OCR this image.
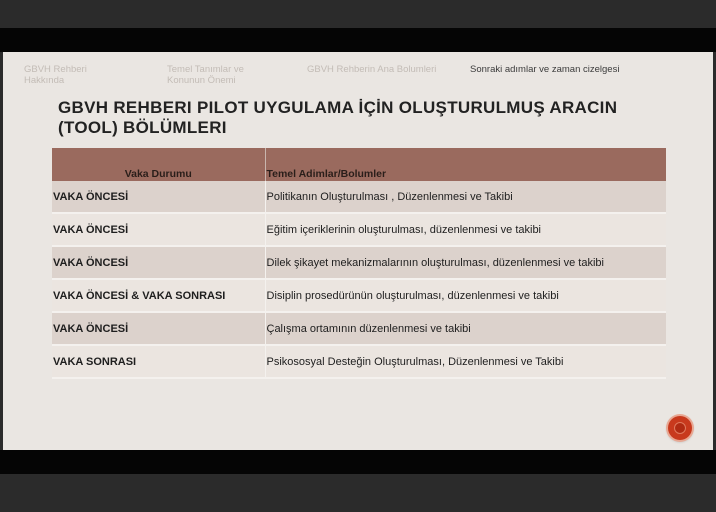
GBVH Rehberi
Hakkında
Temel Tanımlar ve
Konunun Önemi
GBVH Rehberin Ana Bolumleri	Sonraki adımlar ve zaman cizelgesi
GBVH REHBERI PILOT UYGULAMA İÇİN OLUŞTURULMUŞ ARACIN (TOOL) BÖLÜMLERI
Vaka Durumu	Temel Adimlar/Bolumler
VAKA ÖNCESİ	Politikanın Oluşturulması , Düzenlenmesi ve Takibi
VAKA ÖNCESİ	Eğitim içeriklerinin oluşturulması, düzenlenmesi ve takibi
VAKA ÖNCESİ	Dilek şikayet mekanizmalarının oluşturulması, düzenlenmesi ve takibi
VAKA ÖNCESİ & VAKA SONRASI	Disiplin prosedürünün oluşturulması, düzenlenmesi ve takibi
VAKA ÖNCESİ	Çalışma ortamının düzenlenmesi ve takibi
VAKA SONRASI	Psikososyal Desteğin Oluşturulması, Düzenlenmesi ve Takibi
